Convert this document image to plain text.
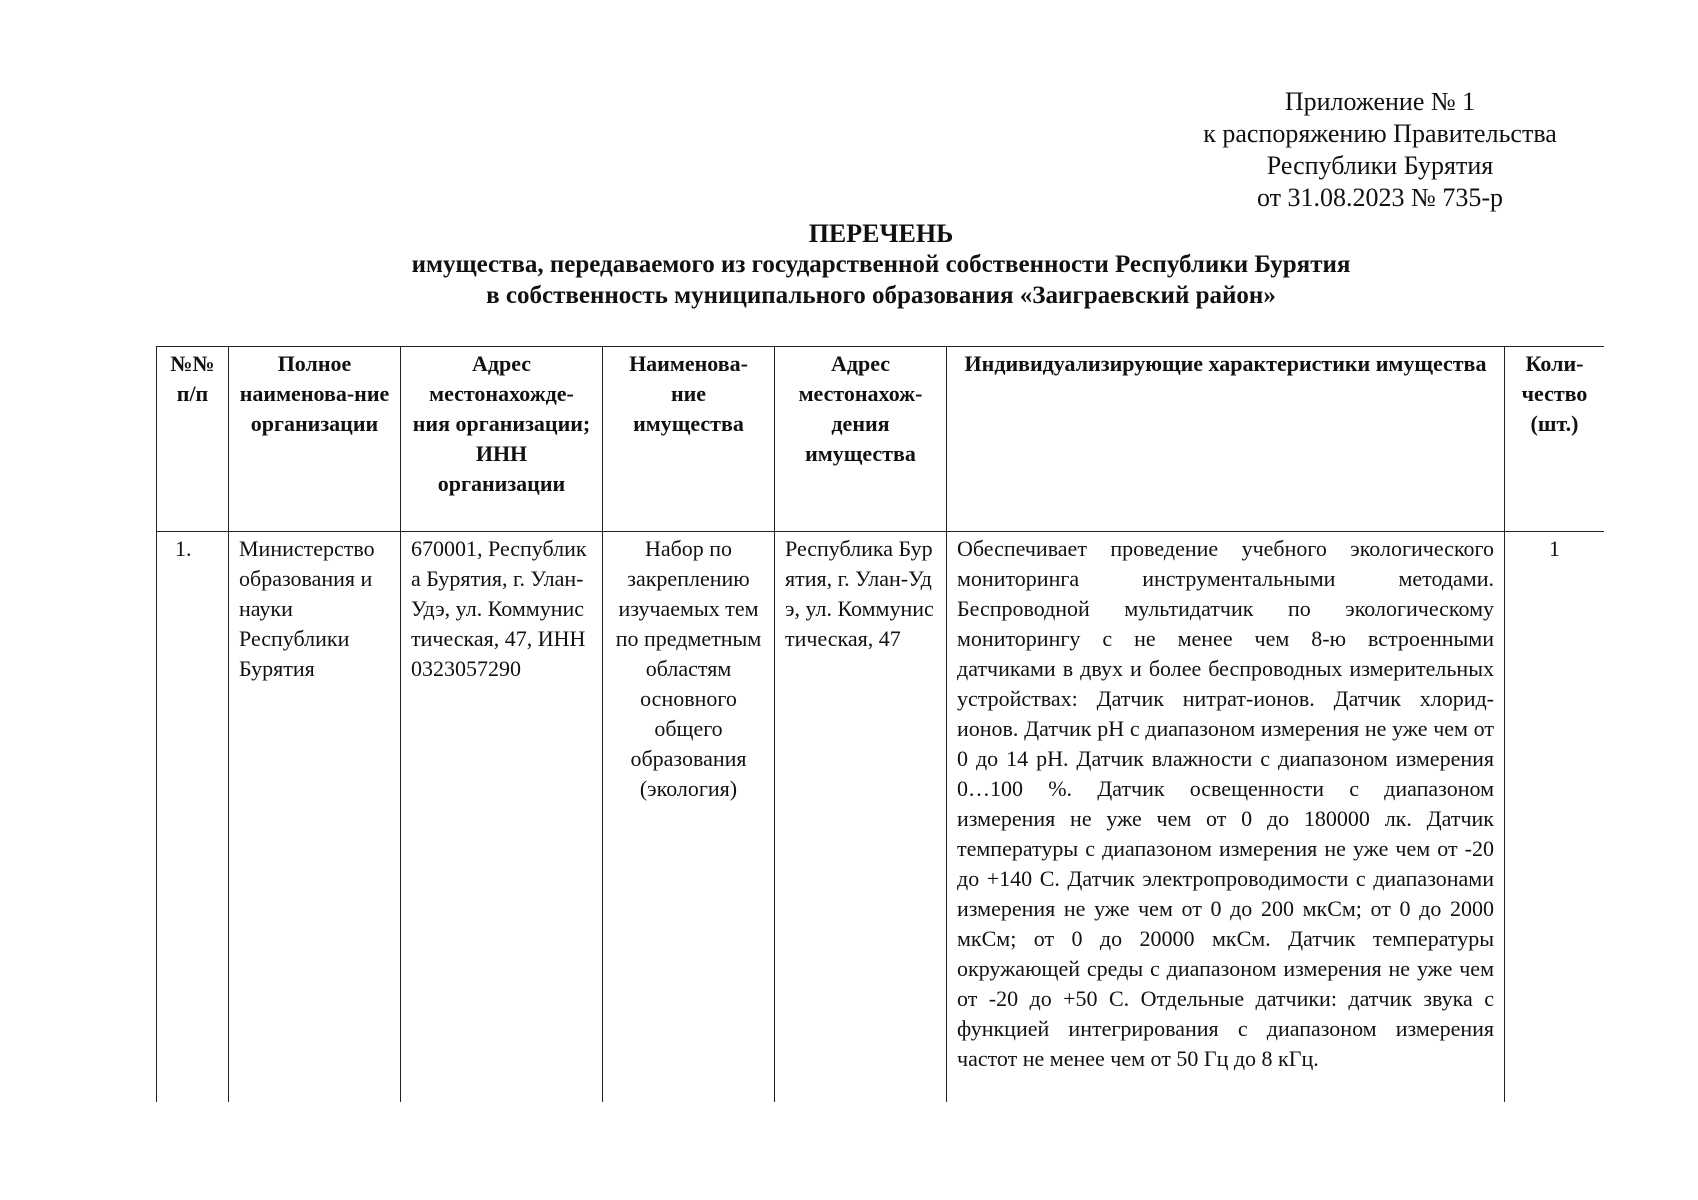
Приложение № 1
к распоряжению Правительства
Республики Бурятия
от 31.08.2023 № 735-р
ПЕРЕЧЕНЬ
имущества, передаваемого из государственной собственности Республики Бурятия
в собственность муниципального образования «Заиграевский район»
№№ п/п	Полное наименова-ние организации	Адрес местонахожде-ния организации; ИНН организации	Наименова-ние имущества	Адрес местонахож-дения имущества	Индивидуализирующие характеристики имущества	Коли-чество (шт.)
1.	Министерство образования и науки Республики Бурятия	670001, Республика Бурятия, г. Улан-Удэ, ул. Коммунистическая, 47, ИНН 0323057290	Набор по закреплению изучаемых тем по предметным областям основного общего образования (экология)	Республика Бурятия, г. Улан-Удэ, ул. Коммунистическая, 47	Обеспечивает проведение учебного экологического мониторинга инструментальными методами. Беспроводной мультидатчик по экологическому мониторингу с не менее чем 8-ю встроенными датчиками в двух и более беспроводных измерительных устройствах: Датчик нитрат-ионов. Датчик хлорид-ионов. Датчик pH с диапазоном измерения не уже чем от 0 до 14 pH. Датчик влажности с диапазоном измерения 0…100 %. Датчик освещенности с диапазоном измерения не уже чем от 0 до 180000 лк. Датчик температуры с диапазоном измерения не уже чем от -20 до +140 С. Датчик электропроводимости с диапазонами измерения не уже чем от 0 до 200 мкСм; от 0 до 2000 мкСм; от 0 до 20000 мкСм. Датчик температуры окружающей среды с диапазоном измерения не уже чем от -20 до +50 С. Отдельные датчики: датчик звука с функцией интегрирования с диапазоном измерения частот не менее чем от 50 Гц до 8 кГц.	1
